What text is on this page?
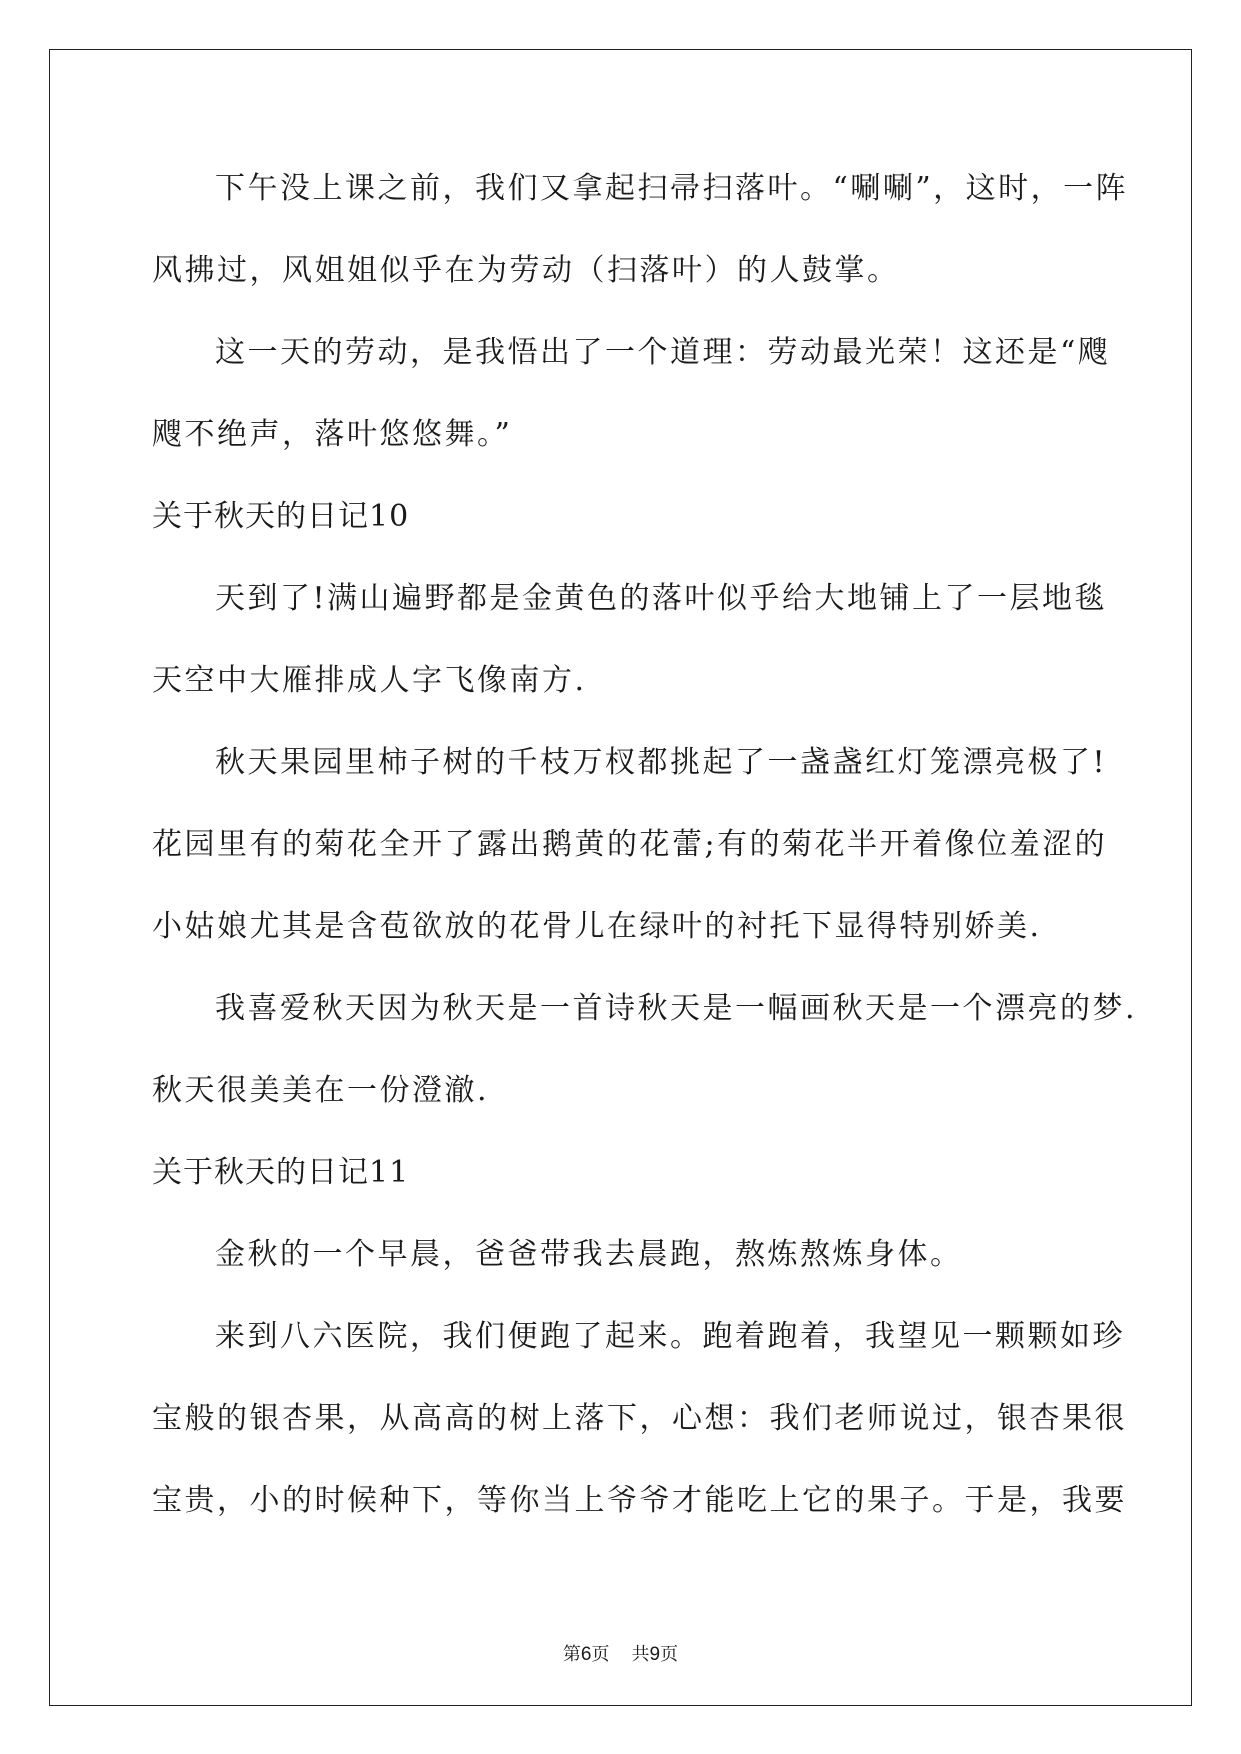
下午没上课之前，我们又拿起扫帚扫落叶。“唰唰”，这时，一阵
风拂过，风姐姐似乎在为劳动（扫落叶）的人鼓掌。
这一天的劳动，是我悟出了一个道理：劳动最光荣！这还是“飕
飕不绝声，落叶悠悠舞。”
关于秋天的日记10
天到了!满山遍野都是金黄色的落叶似乎给大地铺上了一层地毯
天空中大雁排成人字飞像南方.
秋天果园里柿子树的千枝万杈都挑起了一盏盏红灯笼漂亮极了!
花园里有的菊花全开了露出鹅黄的花蕾;有的菊花半开着像位羞涩的
小姑娘尤其是含苞欲放的花骨儿在绿叶的衬托下显得特别娇美.
我喜爱秋天因为秋天是一首诗秋天是一幅画秋天是一个漂亮的梦.
秋天很美美在一份澄澈.
关于秋天的日记11
金秋的一个早晨，爸爸带我去晨跑，熬炼熬炼身体。
来到八六医院，我们便跑了起来。跑着跑着，我望见一颗颗如珍
宝般的银杏果，从高高的树上落下，心想：我们老师说过，银杏果很
宝贵，小的时候种下，等你当上爷爷才能吃上它的果子。于是，我要
第6页 共9页
